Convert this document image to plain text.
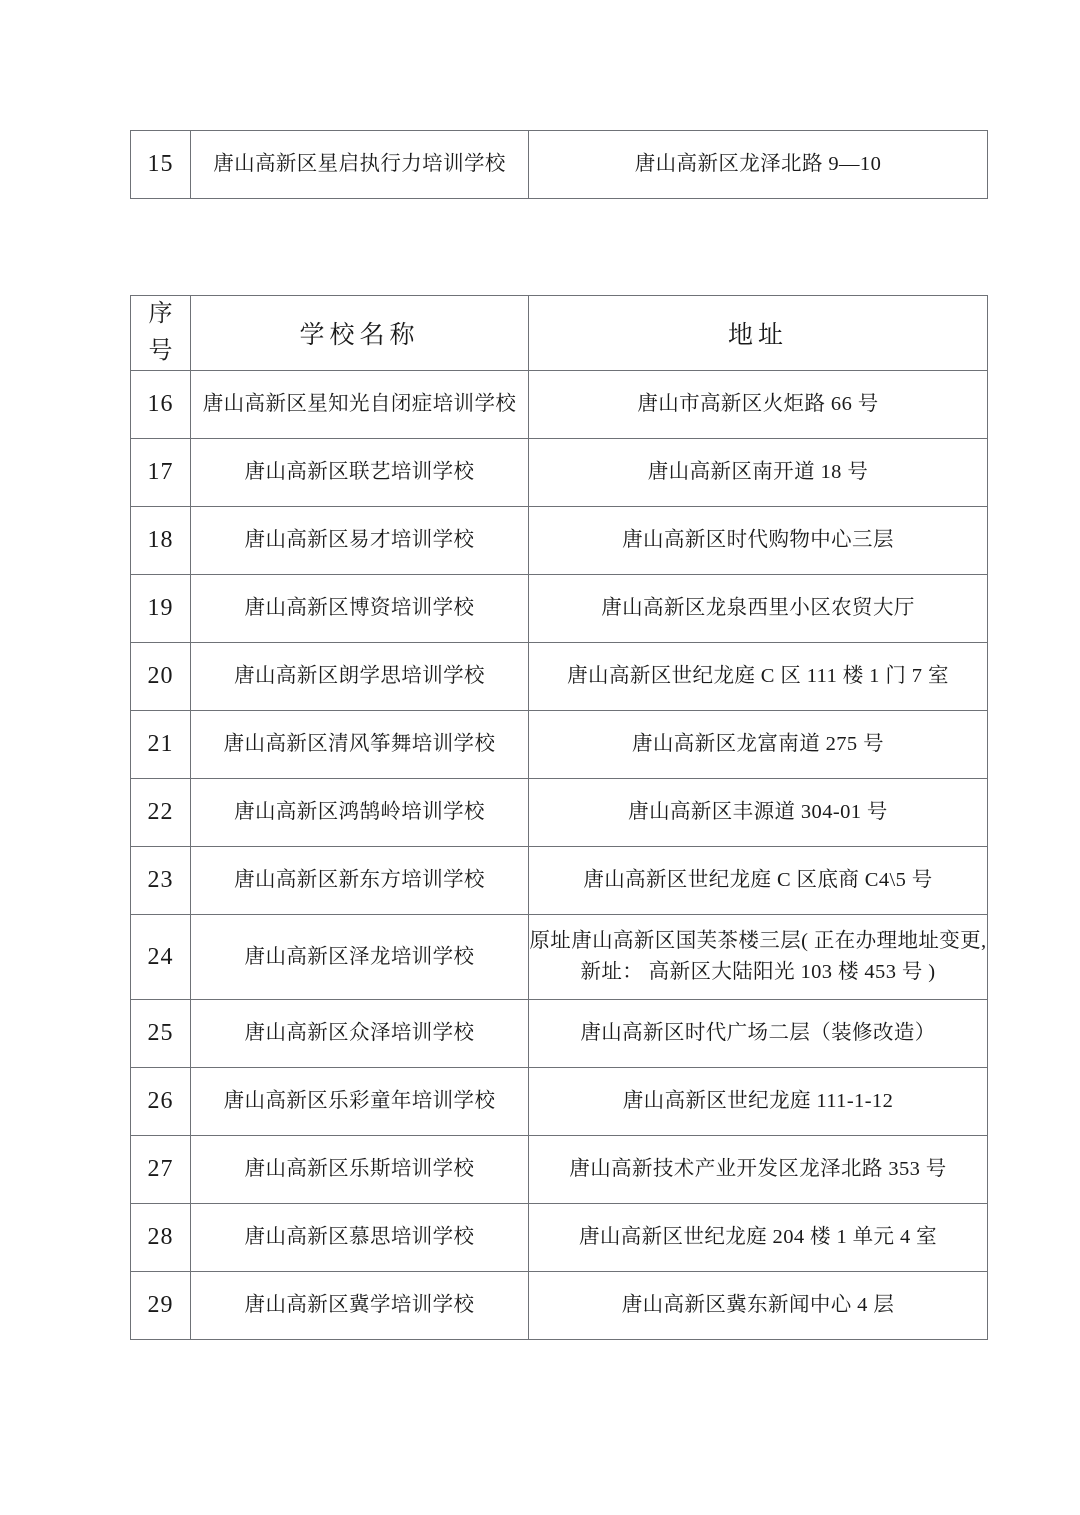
15	唐山高新区星启执行力培训学校	唐山高新区龙泽北路 9—10
序
号	学校名称	地址
16	唐山高新区星知光自闭症培训学校	唐山市高新区火炬路 66 号
17	唐山高新区联艺培训学校	唐山高新区南开道 18 号
18	唐山高新区易才培训学校	唐山高新区时代购物中心三层
19	唐山高新区博资培训学校	唐山高新区龙泉西里小区农贸大厅
20	唐山高新区朗学思培训学校	唐山高新区世纪龙庭 C 区 111 楼 1 门 7 室
21	唐山高新区清风筝舞培训学校	唐山高新区龙富南道 275 号
22	唐山高新区鸿鹄岭培训学校	唐山高新区丰源道 304-01 号
23	唐山高新区新东方培训学校	唐山高新区世纪龙庭 C 区底商 C4\5 号
24	唐山高新区泽龙培训学校	原址唐山高新区国芙茶楼三层( 正在办理地址变更,
新址： 高新区大陆阳光 103 楼 453 号 )

25	唐山高新区众泽培训学校	唐山高新区时代广场二层（装修改造）
26	唐山高新区乐彩童年培训学校	唐山高新区世纪龙庭 111-1-12
27	唐山高新区乐斯培训学校	唐山高新技术产业开发区龙泽北路 353 号
28	唐山高新区慕思培训学校	唐山高新区世纪龙庭 204 楼 1 单元 4 室
29	唐山高新区冀学培训学校	唐山高新区冀东新闻中心 4 层
